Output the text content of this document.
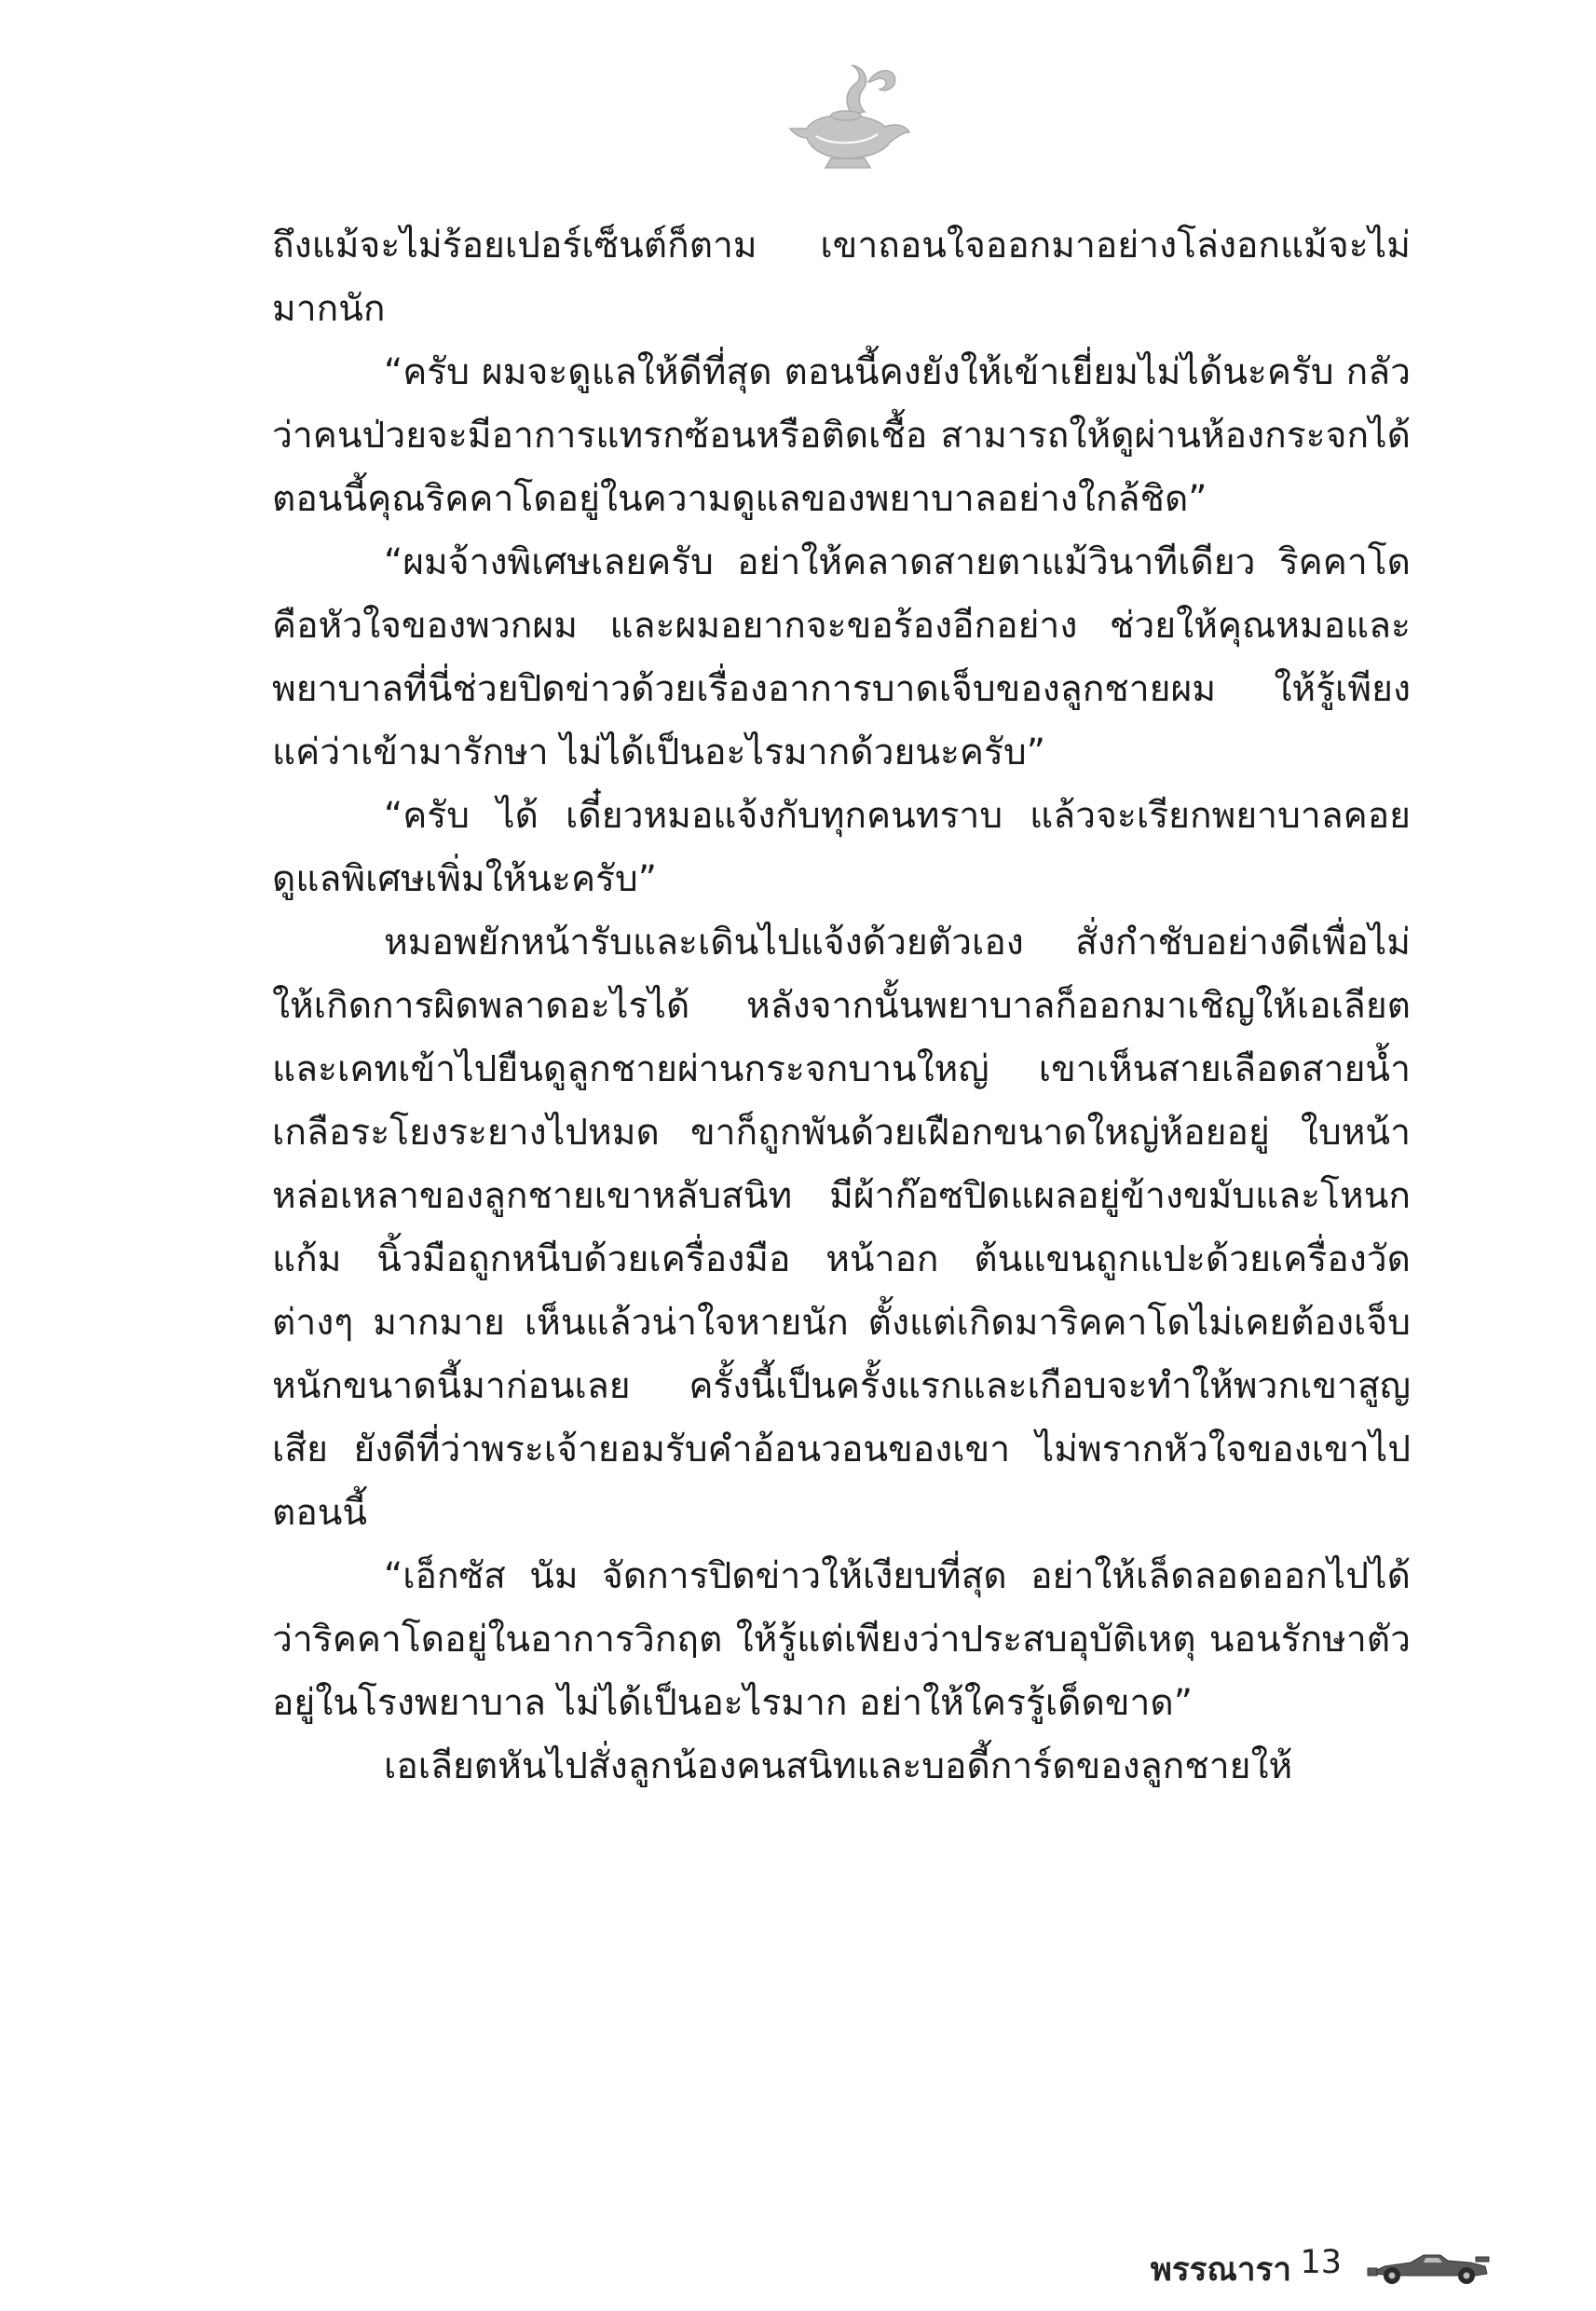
ถึงแม้จะไม่ร้อยเปอร์เซ็นต์ก็ตาม เขาถอนใจออกมาอย่างโล่งอกแม้จะไม่มากนัก

“ครับ ผมจะดูแลให้ดีที่สุด ตอนนี้คงยังให้เข้าเยี่ยมไม่ได้นะครับ กลัวว่าคนป่วยจะมีอาการแทรกซ้อนหรือติดเชื้อ สามารถให้ดูผ่านห้องกระจกได้ ตอนนี้คุณริคคาโดอยู่ในความดูแลของพยาบาลอย่างใกล้ชิด”

“ผมจ้างพิเศษเลยครับ อย่าให้คลาดสายตาแม้วินาทีเดียว ริคคาโดคือหัวใจของพวกผม และผมอยากจะขอร้องอีกอย่าง ช่วยให้คุณหมอและพยาบาลที่นี่ช่วยปิดข่าวด้วยเรื่องอาการบาดเจ็บของลูกชายผม ให้รู้เพียงแค่ว่าเข้ามารักษา ไม่ได้เป็นอะไรมากด้วยนะครับ”

“ครับ ได้ เดี๋ยวหมอแจ้งกับทุกคนทราบ แล้วจะเรียกพยาบาลคอยดูแลพิเศษเพิ่มให้นะครับ”

หมอพยักหน้ารับและเดินไปแจ้งด้วยตัวเอง สั่งกำชับอย่างดีเพื่อไม่ให้เกิดการผิดพลาดอะไรได้ หลังจากนั้นพยาบาลก็ออกมาเชิญให้เอเลียตและเคทเข้าไปยืนดูลูกชายผ่านกระจกบานใหญ่ เขาเห็นสายเลือดสายน้ำเกลือระโยงระยางไปหมด ขาก็ถูกพันด้วยเฝือกขนาดใหญ่ห้อยอยู่ ใบหน้าหล่อเหลาของลูกชายเขาหลับสนิท มีผ้าก๊อซปิดแผลอยู่ข้างขมับและโหนกแก้ม นิ้วมือถูกหนีบด้วยเครื่องมือ หน้าอก ต้นแขนถูกแปะด้วยเครื่องวัดต่างๆ มากมาย เห็นแล้วน่าใจหายนัก ตั้งแต่เกิดมาริคคาโดไม่เคยต้องเจ็บหนักขนาดนี้มาก่อนเลย ครั้งนี้เป็นครั้งแรกและเกือบจะทำให้พวกเขาสูญเสีย ยังดีที่ว่าพระเจ้ายอมรับคำอ้อนวอนของเขา ไม่พรากหัวใจของเขาไปตอนนี้

“เอ็กซัส นัม จัดการปิดข่าวให้เงียบที่สุด อย่าให้เล็ดลอดออกไปได้ว่าริคคาโดอยู่ในอาการวิกฤต ให้รู้แต่เพียงว่าประสบอุบัติเหตุ นอนรักษาตัวอยู่ในโรงพยาบาล ไม่ได้เป็นอะไรมาก อย่าให้ใครรู้เด็ดขาด”

เอเลียตหันไปสั่งลูกน้องคนสนิทและบอดี้การ์ดของลูกชายให้

พรรณารา 13
